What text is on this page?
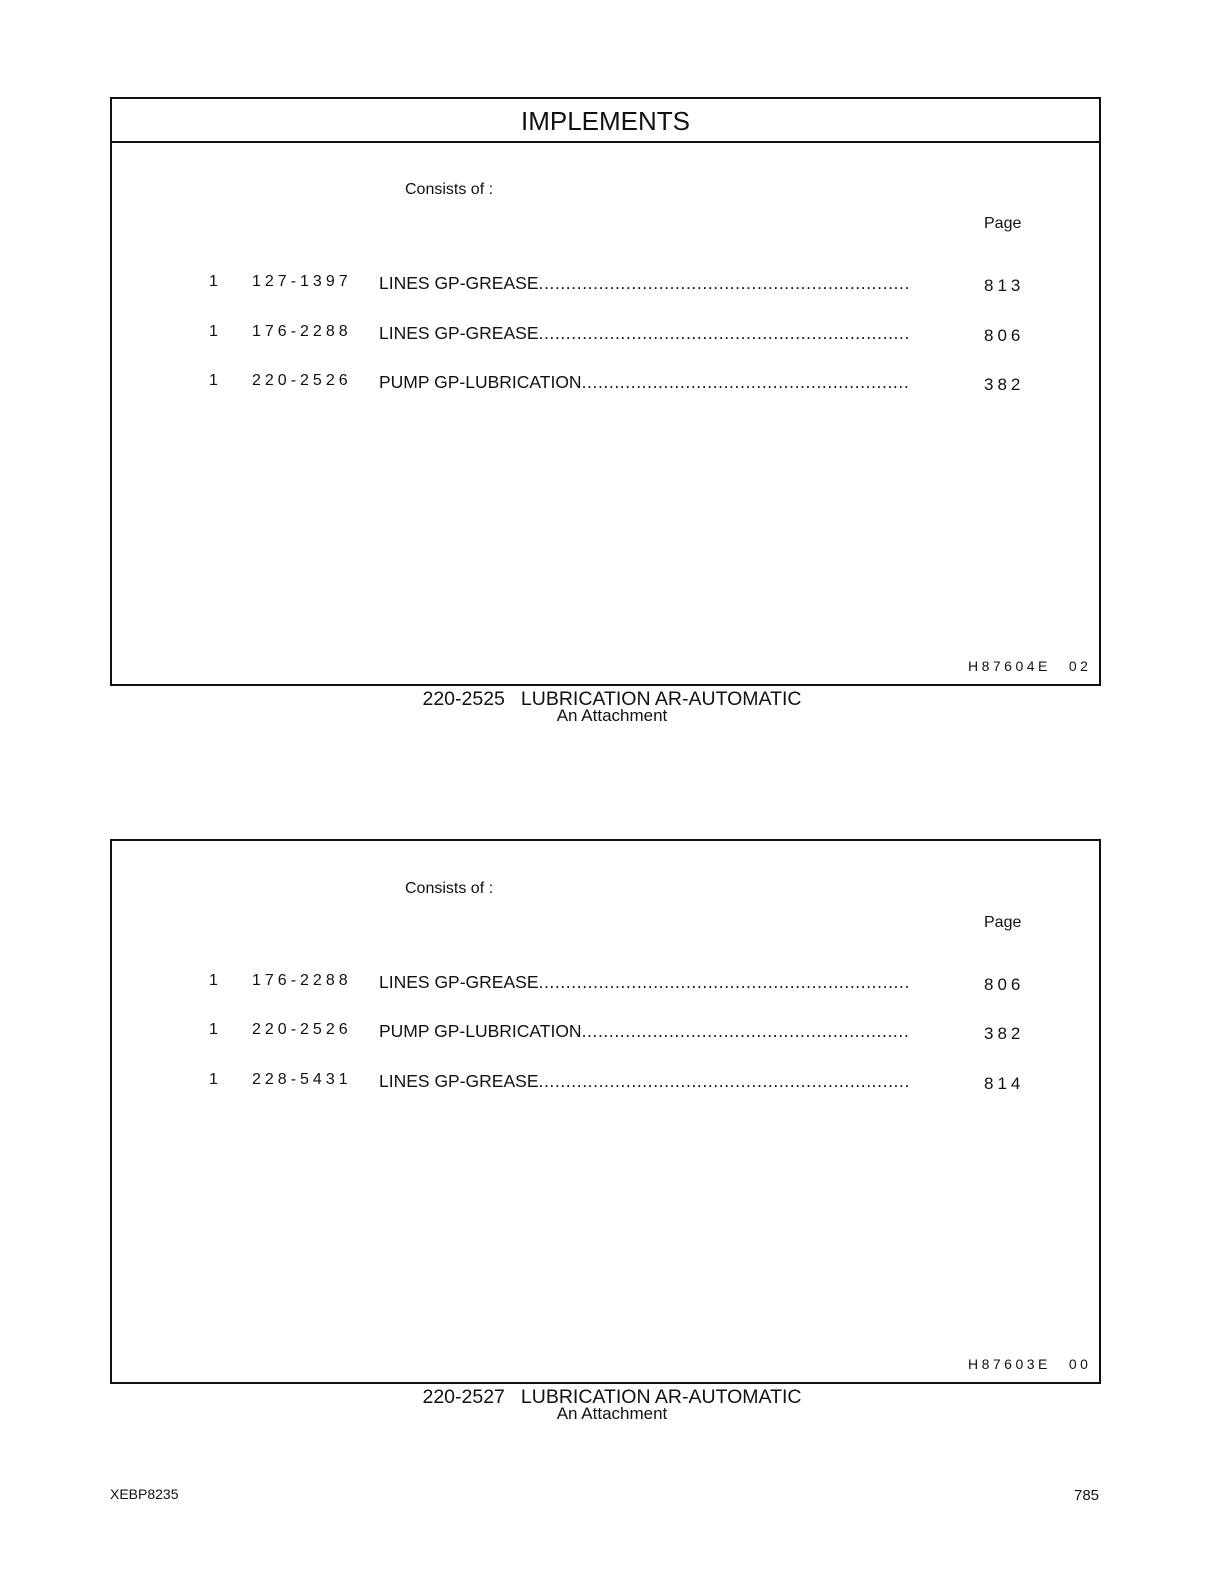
IMPLEMENTS
Consists of :
Page
1 127-1397 LINES GP-GREASE .....	813
1 176-2288 LINES GP-GREASE .....	806
1 220-2526 PUMP GP-LUBRICATION .....	382
H87604E 02
220-2525 LUBRICATION AR-AUTOMATIC
An Attachment
Consists of :
Page
1 176-2288 LINES GP-GREASE .....	806
1 220-2526 PUMP GP-LUBRICATION .....	382
1 228-5431 LINES GP-GREASE .....	814
H87603E 00
220-2527 LUBRICATION AR-AUTOMATIC
An Attachment
XEBP8235	785
